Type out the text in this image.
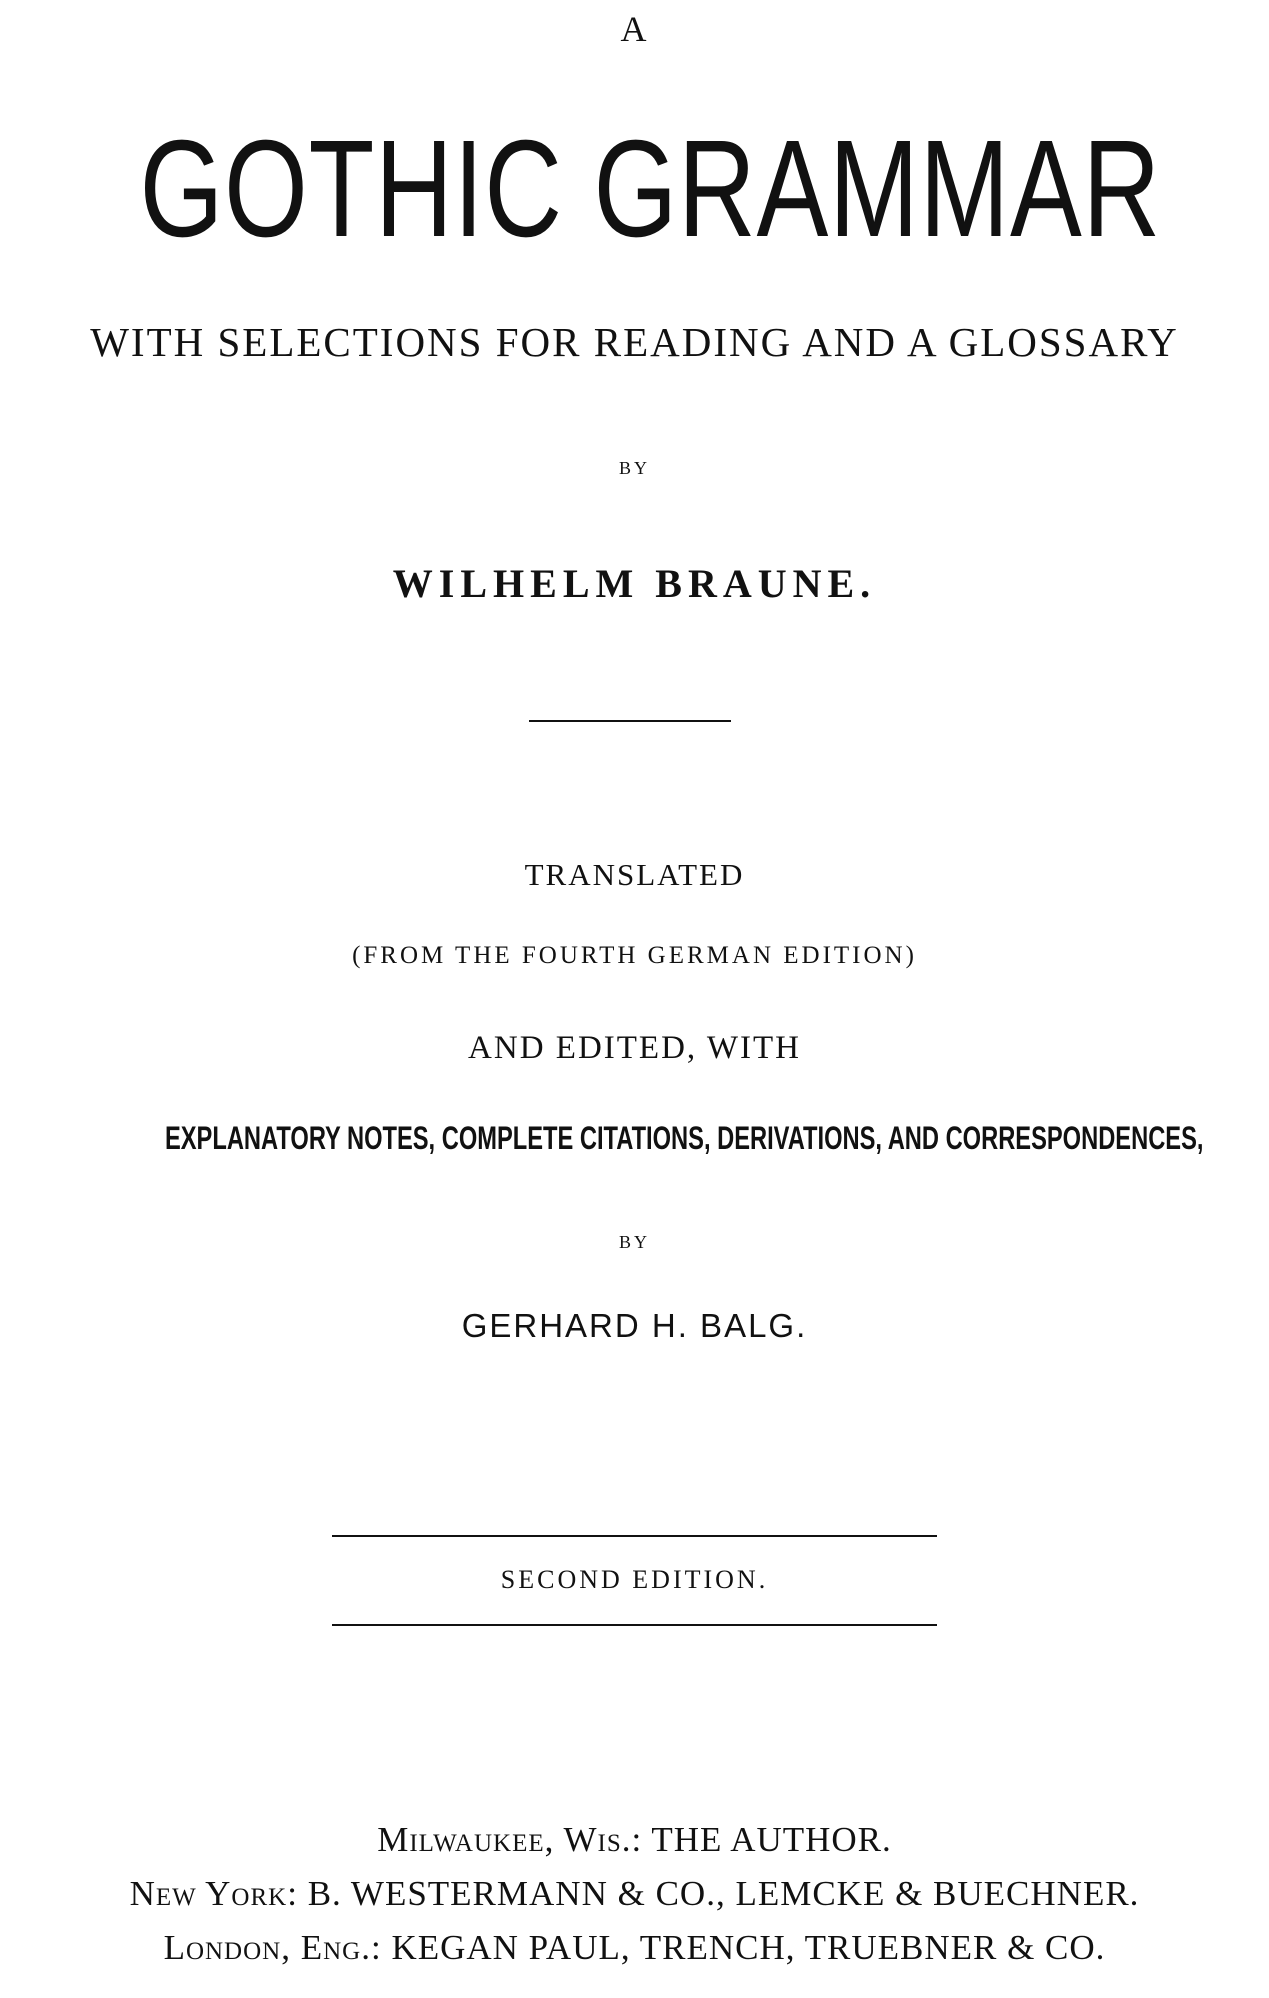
A
GOTHIC GRAMMAR
WITH SELECTIONS FOR READING AND A GLOSSARY
BY
WILHELM BRAUNE.
TRANSLATED
(FROM THE FOURTH GERMAN EDITION)
AND EDITED, WITH
EXPLANATORY NOTES, COMPLETE CITATIONS, DERIVATIONS, AND CORRESPONDENCES,
BY
GERHARD H. BALG.
SECOND EDITION.
Milwaukee, Wis.: THE AUTHOR.
New York: B. WESTERMANN & CO., LEMCKE & BUECHNER.
London, Eng.: KEGAN PAUL, TRENCH, TRUEBNER & CO.
